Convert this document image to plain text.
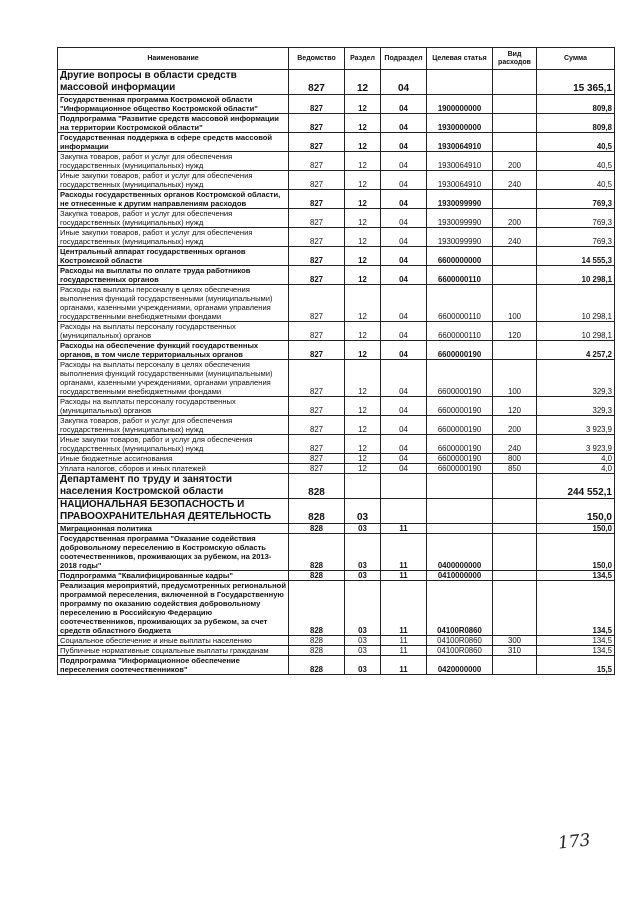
Наименование	Ведомство	Раздел	Подраздел	Целевая статья	Вид расходов	Сумма
Другие вопросы в области средств массовой информации	827	12	04			15 365,1
Государственная программа Костромской области "Информационное общество Костромской области"	827	12	04	1900000000		809,8
Подпрограмма "Развитие средств массовой информации на территории Костромской области"	827	12	04	1930000000		809,8
Государственная поддержка в сфере средств массовой информации	827	12	04	1930064910		40,5
Закупка товаров, работ и услуг для обеспечения государственных (муниципальных) нужд	827	12	04	1930064910	200	40,5
Иные закупки товаров, работ и услуг для обеспечения государственных (муниципальных) нужд	827	12	04	1930064910	240	40,5
Расходы государственных органов Костромской области, не отнесенные к другим направлениям расходов	827	12	04	1930099990		769,3
Закупка товаров, работ и услуг для обеспечения государственных (муниципальных) нужд	827	12	04	1930099990	200	769,3
Иные закупки товаров, работ и услуг для обеспечения государственных (муниципальных) нужд	827	12	04	1930099990	240	769,3
Центральный аппарат государственных органов Костромской области	827	12	04	6600000000		14 555,3
Расходы на выплаты по оплате труда работников государственных органов	827	12	04	6600000110		10 298,1
Расходы на выплаты персоналу в целях обеспечения выполнения функций государственными (муниципальными) органами, казенными учреждениями, органами управления государственными внебюджетными фондами	827	12	04	6600000110	100	10 298,1
Расходы на выплаты персоналу государственных (муниципальных) органов	827	12	04	6600000110	120	10 298,1
Расходы на обеспечение функций государственных органов, в том числе территориальных органов	827	12	04	6600000190		4 257,2
Расходы на выплаты персоналу в целях обеспечения выполнения функций государственными (муниципальными) органами, казенными учреждениями, органами управления государственными внебюджетными фондами	827	12	04	6600000190	100	329,3
Расходы на выплаты персоналу государственных (муниципальных) органов	827	12	04	6600000190	120	329,3
Закупка товаров, работ и услуг для обеспечения государственных (муниципальных) нужд	827	12	04	6600000190	200	3 923,9
Иные закупки товаров, работ и услуг для обеспечения государственных (муниципальных) нужд	827	12	04	6600000190	240	3 923,9
Иные бюджетные ассигнования	827	12	04	6600000190	800	4,0
Уплата налогов, сборов и иных платежей	827	12	04	6600000190	850	4,0
Департамент по труду и занятости населения Костромской области	828					244 552,1
НАЦИОНАЛЬНАЯ БЕЗОПАСНОСТЬ И ПРАВООХРАНИТЕЛЬНАЯ ДЕЯТЕЛЬНОСТЬ	828	03				150,0
Миграционная политика	828	03	11			150,0
Государственная программа "Оказание содействия добровольному переселению в Костромскую область соотечественников, проживающих за рубежом, на 2013-2018 годы"	828	03	11	0400000000		150,0
Подпрограмма "Квалифицированные кадры"	828	03	11	0410000000		134,5
Реализация мероприятий, предусмотренных региональной программой переселения, включенной в Государственную программу по оказанию содействия добровольному переселению в Российскую Федерацию соотечественников, проживающих за рубежом, за счет средств областного бюджета	828	03	11	04100R0860		134,5
Социальное обеспечение и иные выплаты населению	828	03	11	04100R0860	300	134,5
Публичные нормативные социальные выплаты гражданам	828	03	11	04100R0860	310	134,5
Подпрограмма "Информационное обеспечение переселения соотечественников"	828	03	11	0420000000		15,5
173
